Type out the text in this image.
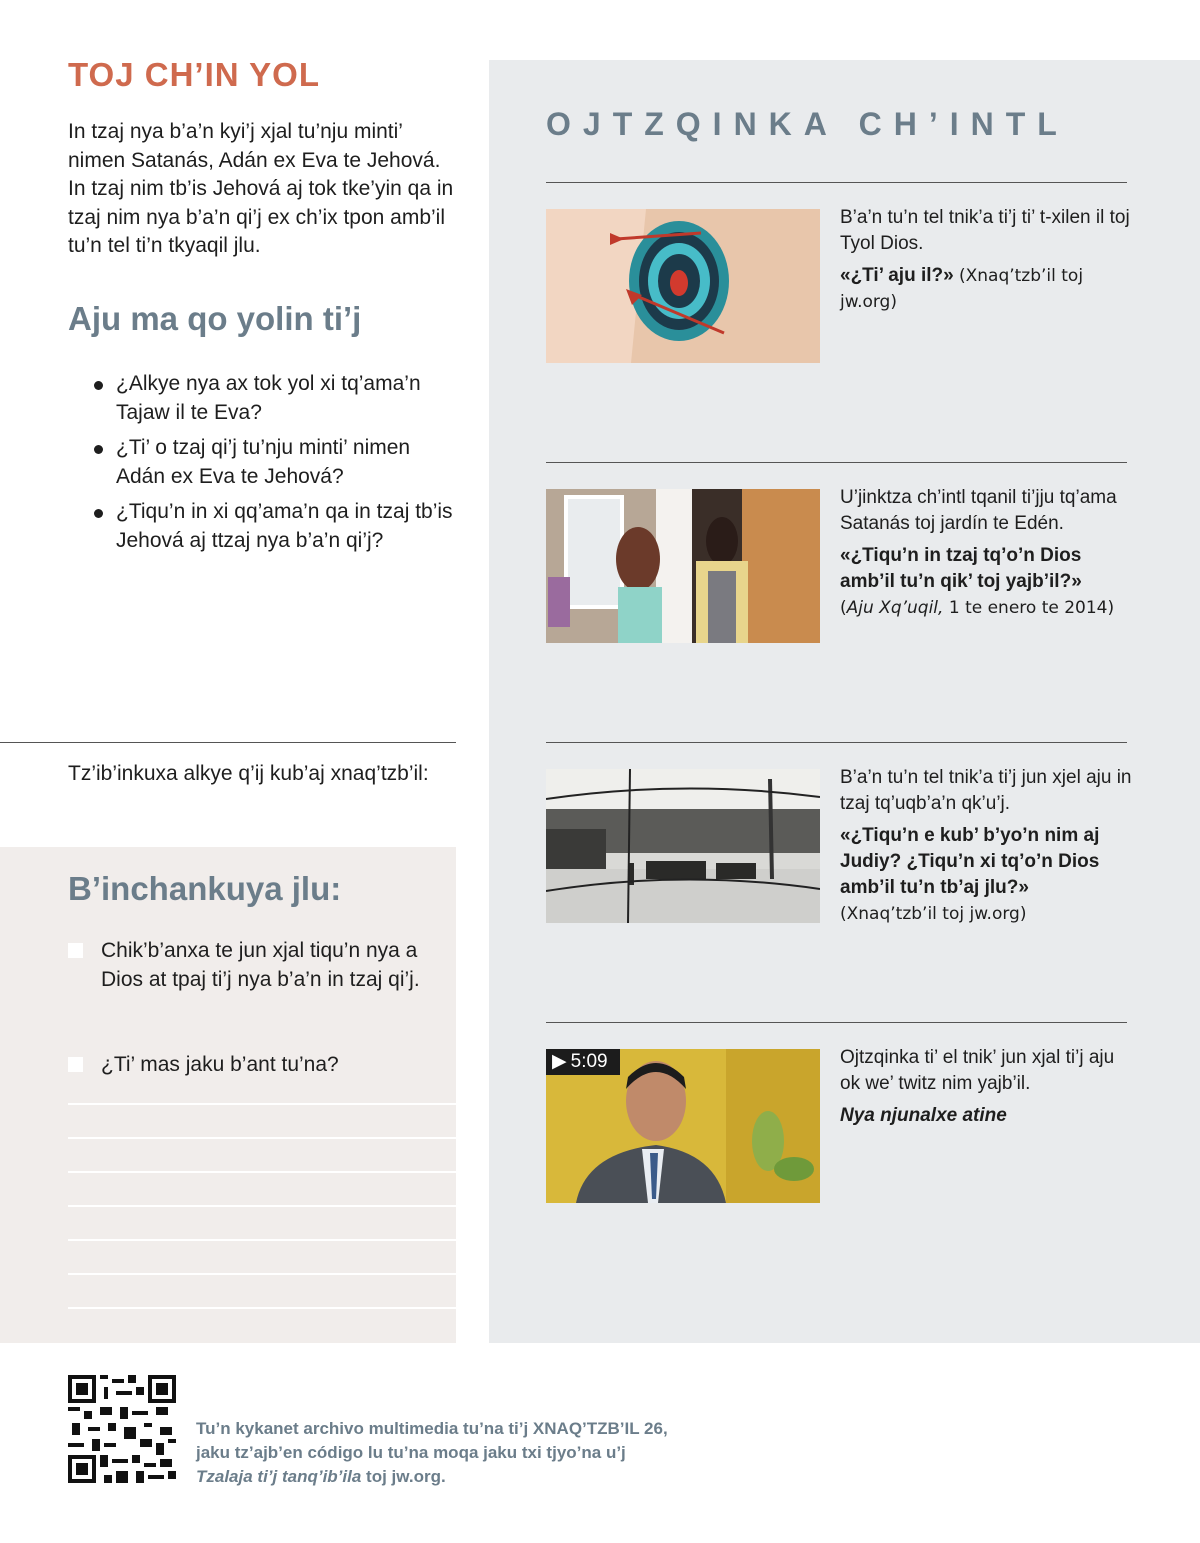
TOJ CH’IN YOL

In tzaj nya b’a’n kyi’j xjal tu’nju minti’ nimen Satanás, Adán ex Eva te Jehová. In tzaj nim tb’is Jehová aj tok tke’yin qa in tzaj nim nya b’a’n qi’j ex ch’ix tpon amb’il tu’n tel ti’n tkyaqil jlu.

Aju ma qo yolin ti’j
¿Alkye nya ax tok yol xi tq’ama’n Tajaw il te Eva?
¿Ti’ o tzaj qi’j tu’nju minti’ nimen Adán ex Eva te Jehová?
¿Tiqu’n in xi qq’ama’n qa in tzaj tb’is Jehová aj ttzaj nya b’a’n qi’j?

Tz’ib’inkuxa alkye q’ij kub’aj xnaq’tzb’il:

B’inchankuya jlu:
Chik’b’anxa te jun xjal tiqu’n nya a Dios at tpaj ti’j nya b’a’n in tzaj qi’j.
¿Ti’ mas jaku b’ant tu’na?
OJTZQINKA CH’INTL

B’a’n tu’n tel tnik’a ti’j ti’ t-xilen il toj Tyol Dios.

«¿Ti’ aju il?» (Xnaq’tzb’il toj jw.org)

U’jinktza ch’intl tqanil ti’jju tq’ama Satanás toj jardín te Edén.

«¿Tiqu’n in tzaj tq’o’n Dios amb’il tu’n qik’ toj yajb’il?»
(Aju Xq’uqil, 1 te enero te 2014)

B’a’n tu’n tel tnik’a ti’j jun xjel aju in tzaj tq’uqb’a’n qk’u’j.

«¿Tiqu’n e kub’ b’yo’n nim aj Judiy? ¿Tiqu’n xi tq’o’n Dios amb’il tu’n tb’aj jlu?»
(Xnaq’tzb’il toj jw.org)

▶ 5:09	Ojtzqinka ti’ el tnik’ jun xjal ti’j aju ok we’ twitz nim yajb’il.

Nya njunalxe atine

Tu’n kykanet archivo multimedia tu’na ti’j XNAQ’TZB’IL 26,
jaku tz’ajb’en código lu tu’na moqa jaku txi tjyo’na u’j
Tzalaja ti’j tanq’ib’ila toj jw.org.
